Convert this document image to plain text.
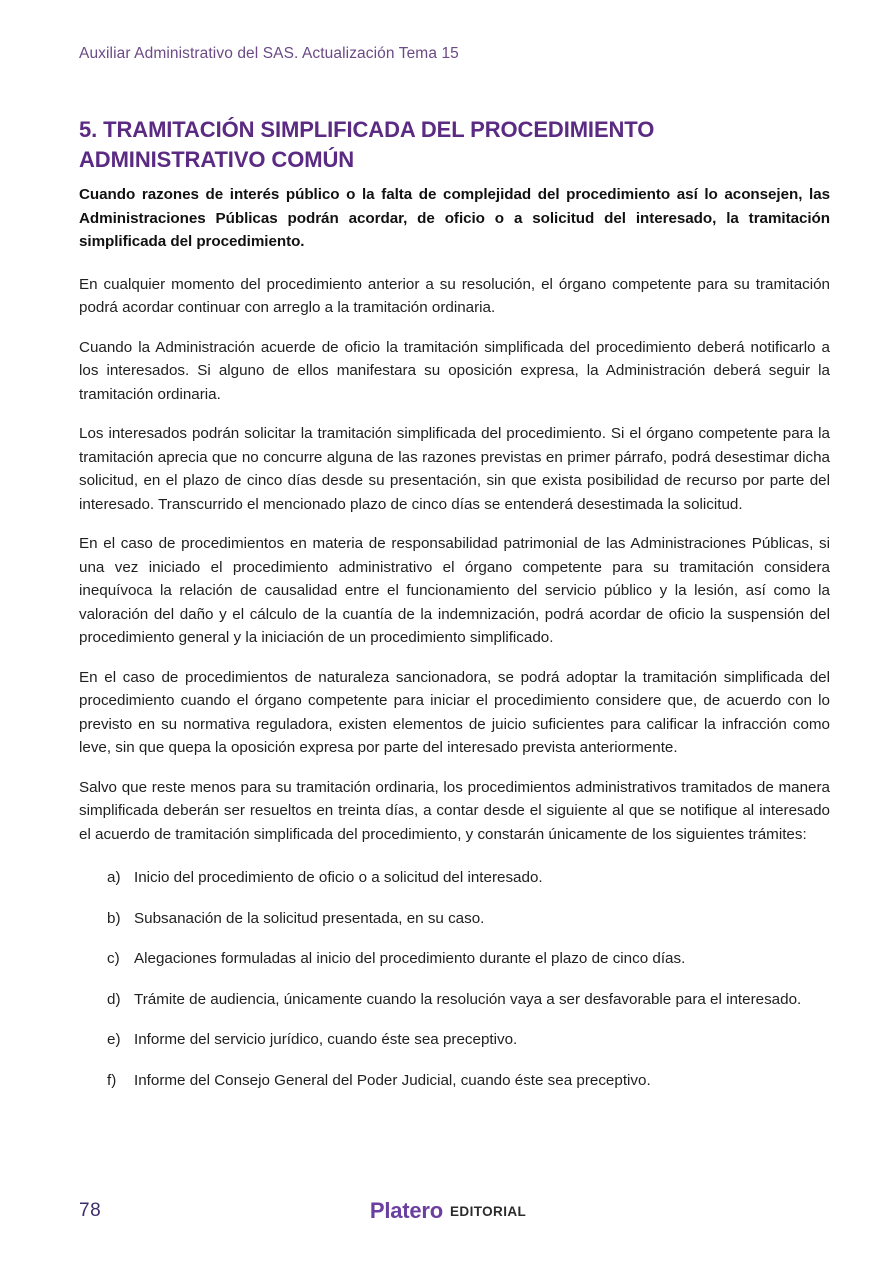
Auxiliar Administrativo del SAS. Actualización Tema 15
5. TRAMITACIÓN SIMPLIFICADA DEL PROCEDIMIENTO ADMINISTRATIVO COMÚN

Cuando razones de interés público o la falta de complejidad del procedimiento así lo aconsejen, las Administraciones Públicas podrán acordar, de oficio o a solicitud del interesado, la tramitación simplificada del procedimiento.

En cualquier momento del procedimiento anterior a su resolución, el órgano competente para su tramitación podrá acordar continuar con arreglo a la tramitación ordinaria.

Cuando la Administración acuerde de oficio la tramitación simplificada del procedimiento deberá notificarlo a los interesados. Si alguno de ellos manifestara su oposición expresa, la Administración deberá seguir la tramitación ordinaria.

Los interesados podrán solicitar la tramitación simplificada del procedimiento. Si el órgano competente para la tramitación aprecia que no concurre alguna de las razones previstas en primer párrafo, podrá desestimar dicha solicitud, en el plazo de cinco días desde su presentación, sin que exista posibilidad de recurso por parte del interesado. Transcurrido el mencionado plazo de cinco días se entenderá desestimada la solicitud.

En el caso de procedimientos en materia de responsabilidad patrimonial de las Administraciones Públicas, si una vez iniciado el procedimiento administrativo el órgano competente para su tramitación considera inequívoca la relación de causalidad entre el funcionamiento del servicio público y la lesión, así como la valoración del daño y el cálculo de la cuantía de la indemnización, podrá acordar de oficio la suspensión del procedimiento general y la iniciación de un procedimiento simplificado.

En el caso de procedimientos de naturaleza sancionadora, se podrá adoptar la tramitación simplificada del procedimiento cuando el órgano competente para iniciar el procedimiento considere que, de acuerdo con lo previsto en su normativa reguladora, existen elementos de juicio suficientes para calificar la infracción como leve, sin que quepa la oposición expresa por parte del interesado prevista anteriormente.

Salvo que reste menos para su tramitación ordinaria, los procedimientos administrativos tramitados de manera simplificada deberán ser resueltos en treinta días, a contar desde el siguiente al que se notifique al interesado el acuerdo de tramitación simplificada del procedimiento, y constarán únicamente de los siguientes trámites:

a) Inicio del procedimiento de oficio o a solicitud del interesado.
b) Subsanación de la solicitud presentada, en su caso.
c) Alegaciones formuladas al inicio del procedimiento durante el plazo de cinco días.
d) Trámite de audiencia, únicamente cuando la resolución vaya a ser desfavorable para el interesado.
e) Informe del servicio jurídico, cuando éste sea preceptivo.
f)	Informe del Consejo General del Poder Judicial, cuando éste sea preceptivo.
78	Platero EDITORIAL
